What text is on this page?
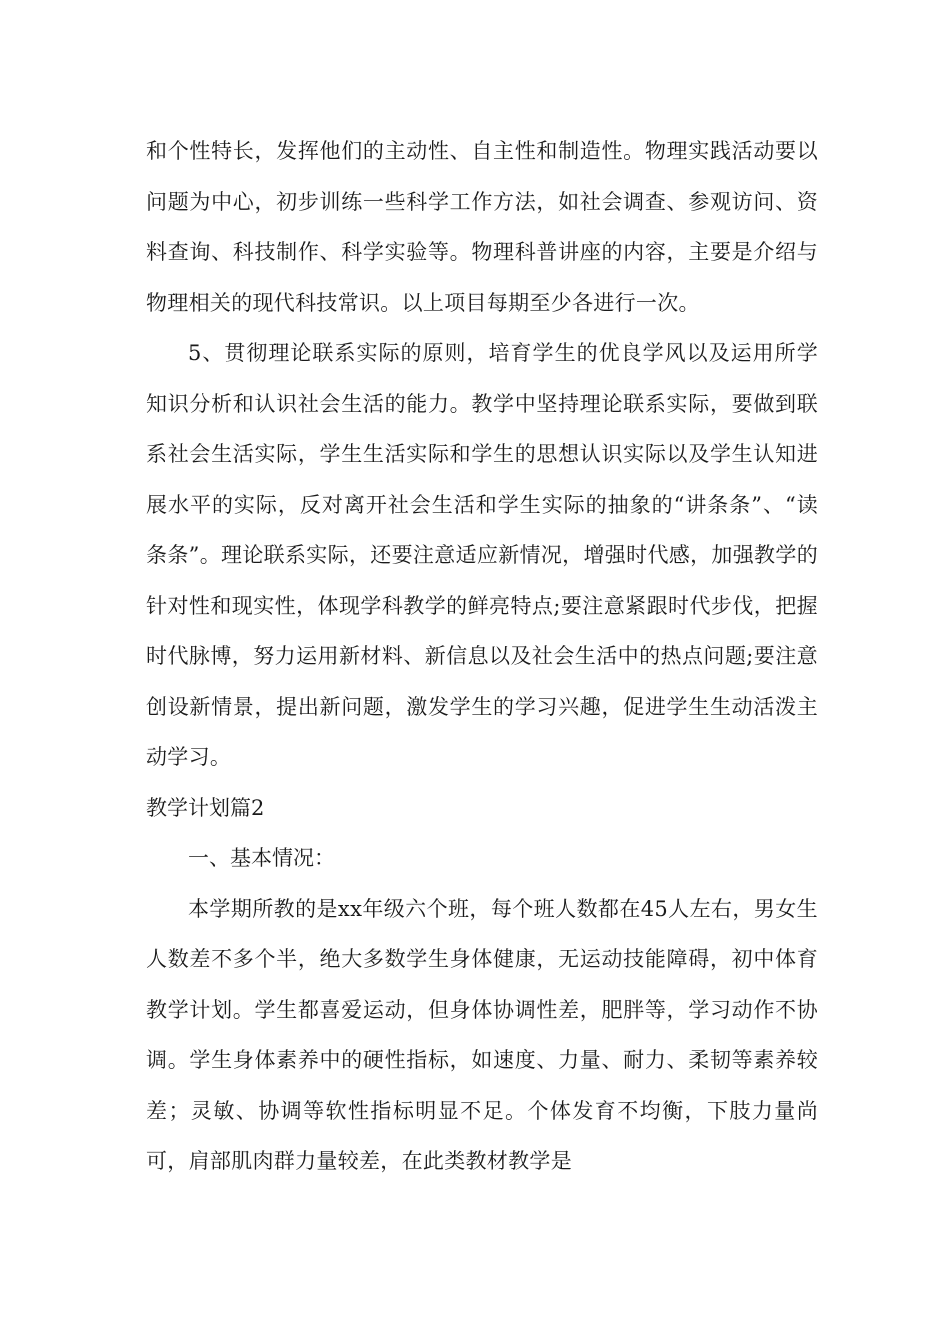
和个性特长，发挥他们的主动性、自主性和制造性。物理实践活动要以问题为中心，初步训练一些科学工作方法，如社会调查、参观访问、资料查询、科技制作、科学实验等。物理科普讲座的内容，主要是介绍与物理相关的现代科技常识。以上项目每期至少各进行一次。

5、贯彻理论联系实际的原则，培育学生的优良学风以及运用所学知识分析和认识社会生活的能力。教学中坚持理论联系实际，要做到联系社会生活实际，学生生活实际和学生的思想认识实际以及学生认知进展水平的实际，反对离开社会生活和学生实际的抽象的“讲条条”、“读条条”。理论联系实际，还要注意适应新情况，增强时代感，加强教学的针对性和现实性，体现学科教学的鲜亮特点;要注意紧跟时代步伐，把握时代脉博，努力运用新材料、新信息以及社会生活中的热点问题;要注意创设新情景，提出新问题，激发学生的学习兴趣，促进学生生动活泼主动学习。

教学计划篇2

一、基本情况：

本学期所教的是xx年级六个班，每个班人数都在45人左右，男女生人数差不多个半，绝大多数学生身体健康，无运动技能障碍，初中体育教学计划。学生都喜爱运动，但身体协调性差，肥胖等，学习动作不协调。学生身体素养中的硬性指标，如速度、力量、耐力、柔韧等素养较差；灵敏、协调等软性指标明显不足。个体发育不均衡，下肢力量尚可，肩部肌肉群力量较差，在此类教材教学是
